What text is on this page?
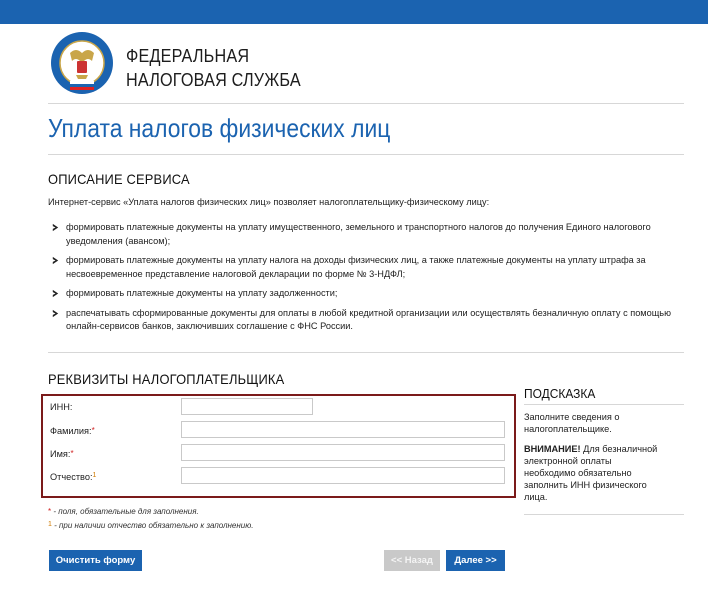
ФЕДЕРАЛЬНАЯ
НАЛОГОВАЯ СЛУЖБА
Уплата налогов физических лиц
ОПИСАНИЕ СЕРВИСА
Интернет-сервис «Уплата налогов физических лиц» позволяет налогоплательщику-физическому лицу:
формировать платежные документы на уплату имущественного, земельного и транспортного налогов до получения Единого налогового уведомления (авансом);
формировать платежные документы на уплату налога на доходы физических лиц, а также платежные документы на уплату штрафа за несвоевременное представление налоговой декларации по форме № 3-НДФЛ;
формировать платежные документы на уплату задолженности;
распечатывать сформированные документы для оплаты в любой кредитной организации или осуществлять безналичную оплату с помощью онлайн-сервисов банков, заключивших соглашение с ФНС России.
РЕКВИЗИТЫ НАЛОГОПЛАТЕЛЬЩИКА
ИНН:
Фамилия:*
Имя:*
Отчество:$^1$
* - поля, обязательные для заполнения.
1 - при наличии отчество обязательно к заполнению.
ПОДСКАЗКА
Заполните сведения о налогоплательщике.
ВНИМАНИЕ! Для безналичной электронной оплаты необходимо обязательно заполнить ИНН физического лица.
Очистить форму	<< Назад	Далее >>
